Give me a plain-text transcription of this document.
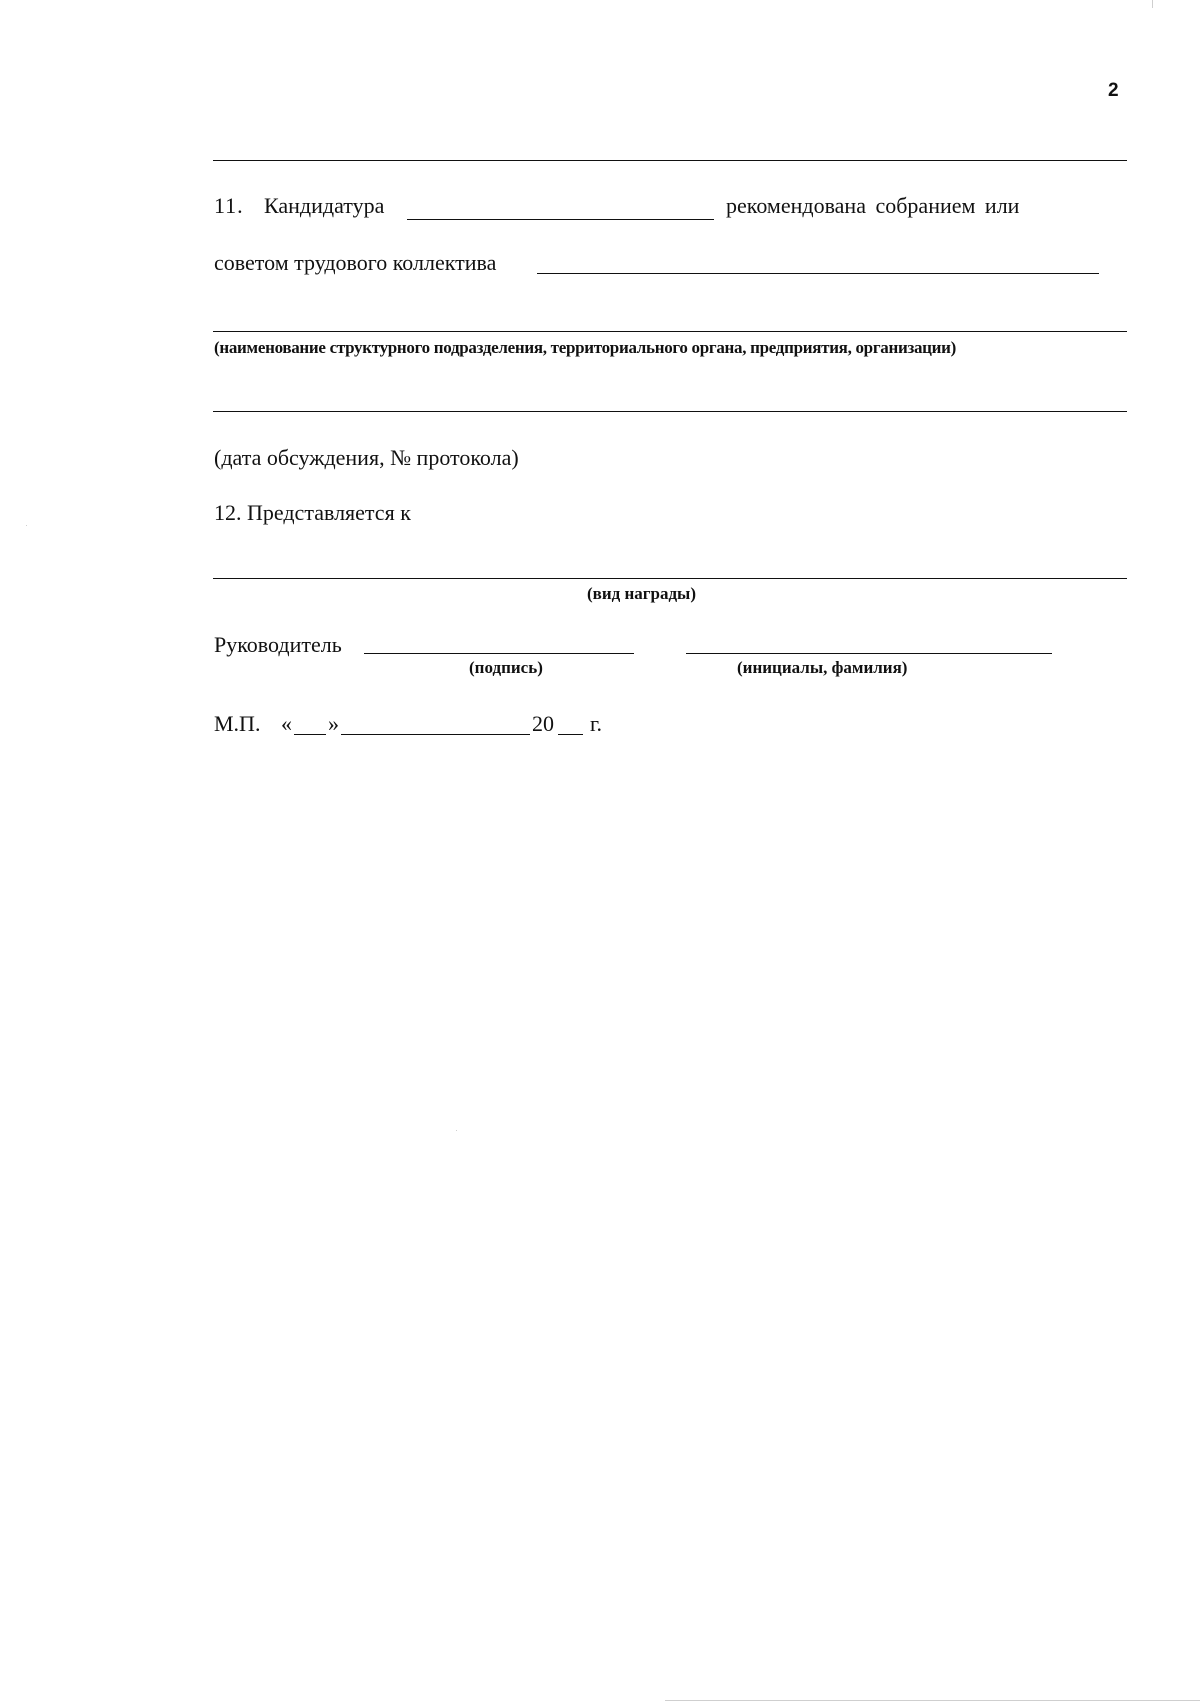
2
11. Кандидатура	рекомендована собранием или
советом трудового коллектива
(наименование структурного подразделения, территориального органа, предприятия, организации)
(дата обсуждения, № протокола)
12. Представляется к
(вид награды)
Руководитель
(подпись)	(инициалы, фамилия)
М.П. « »	20 г.
